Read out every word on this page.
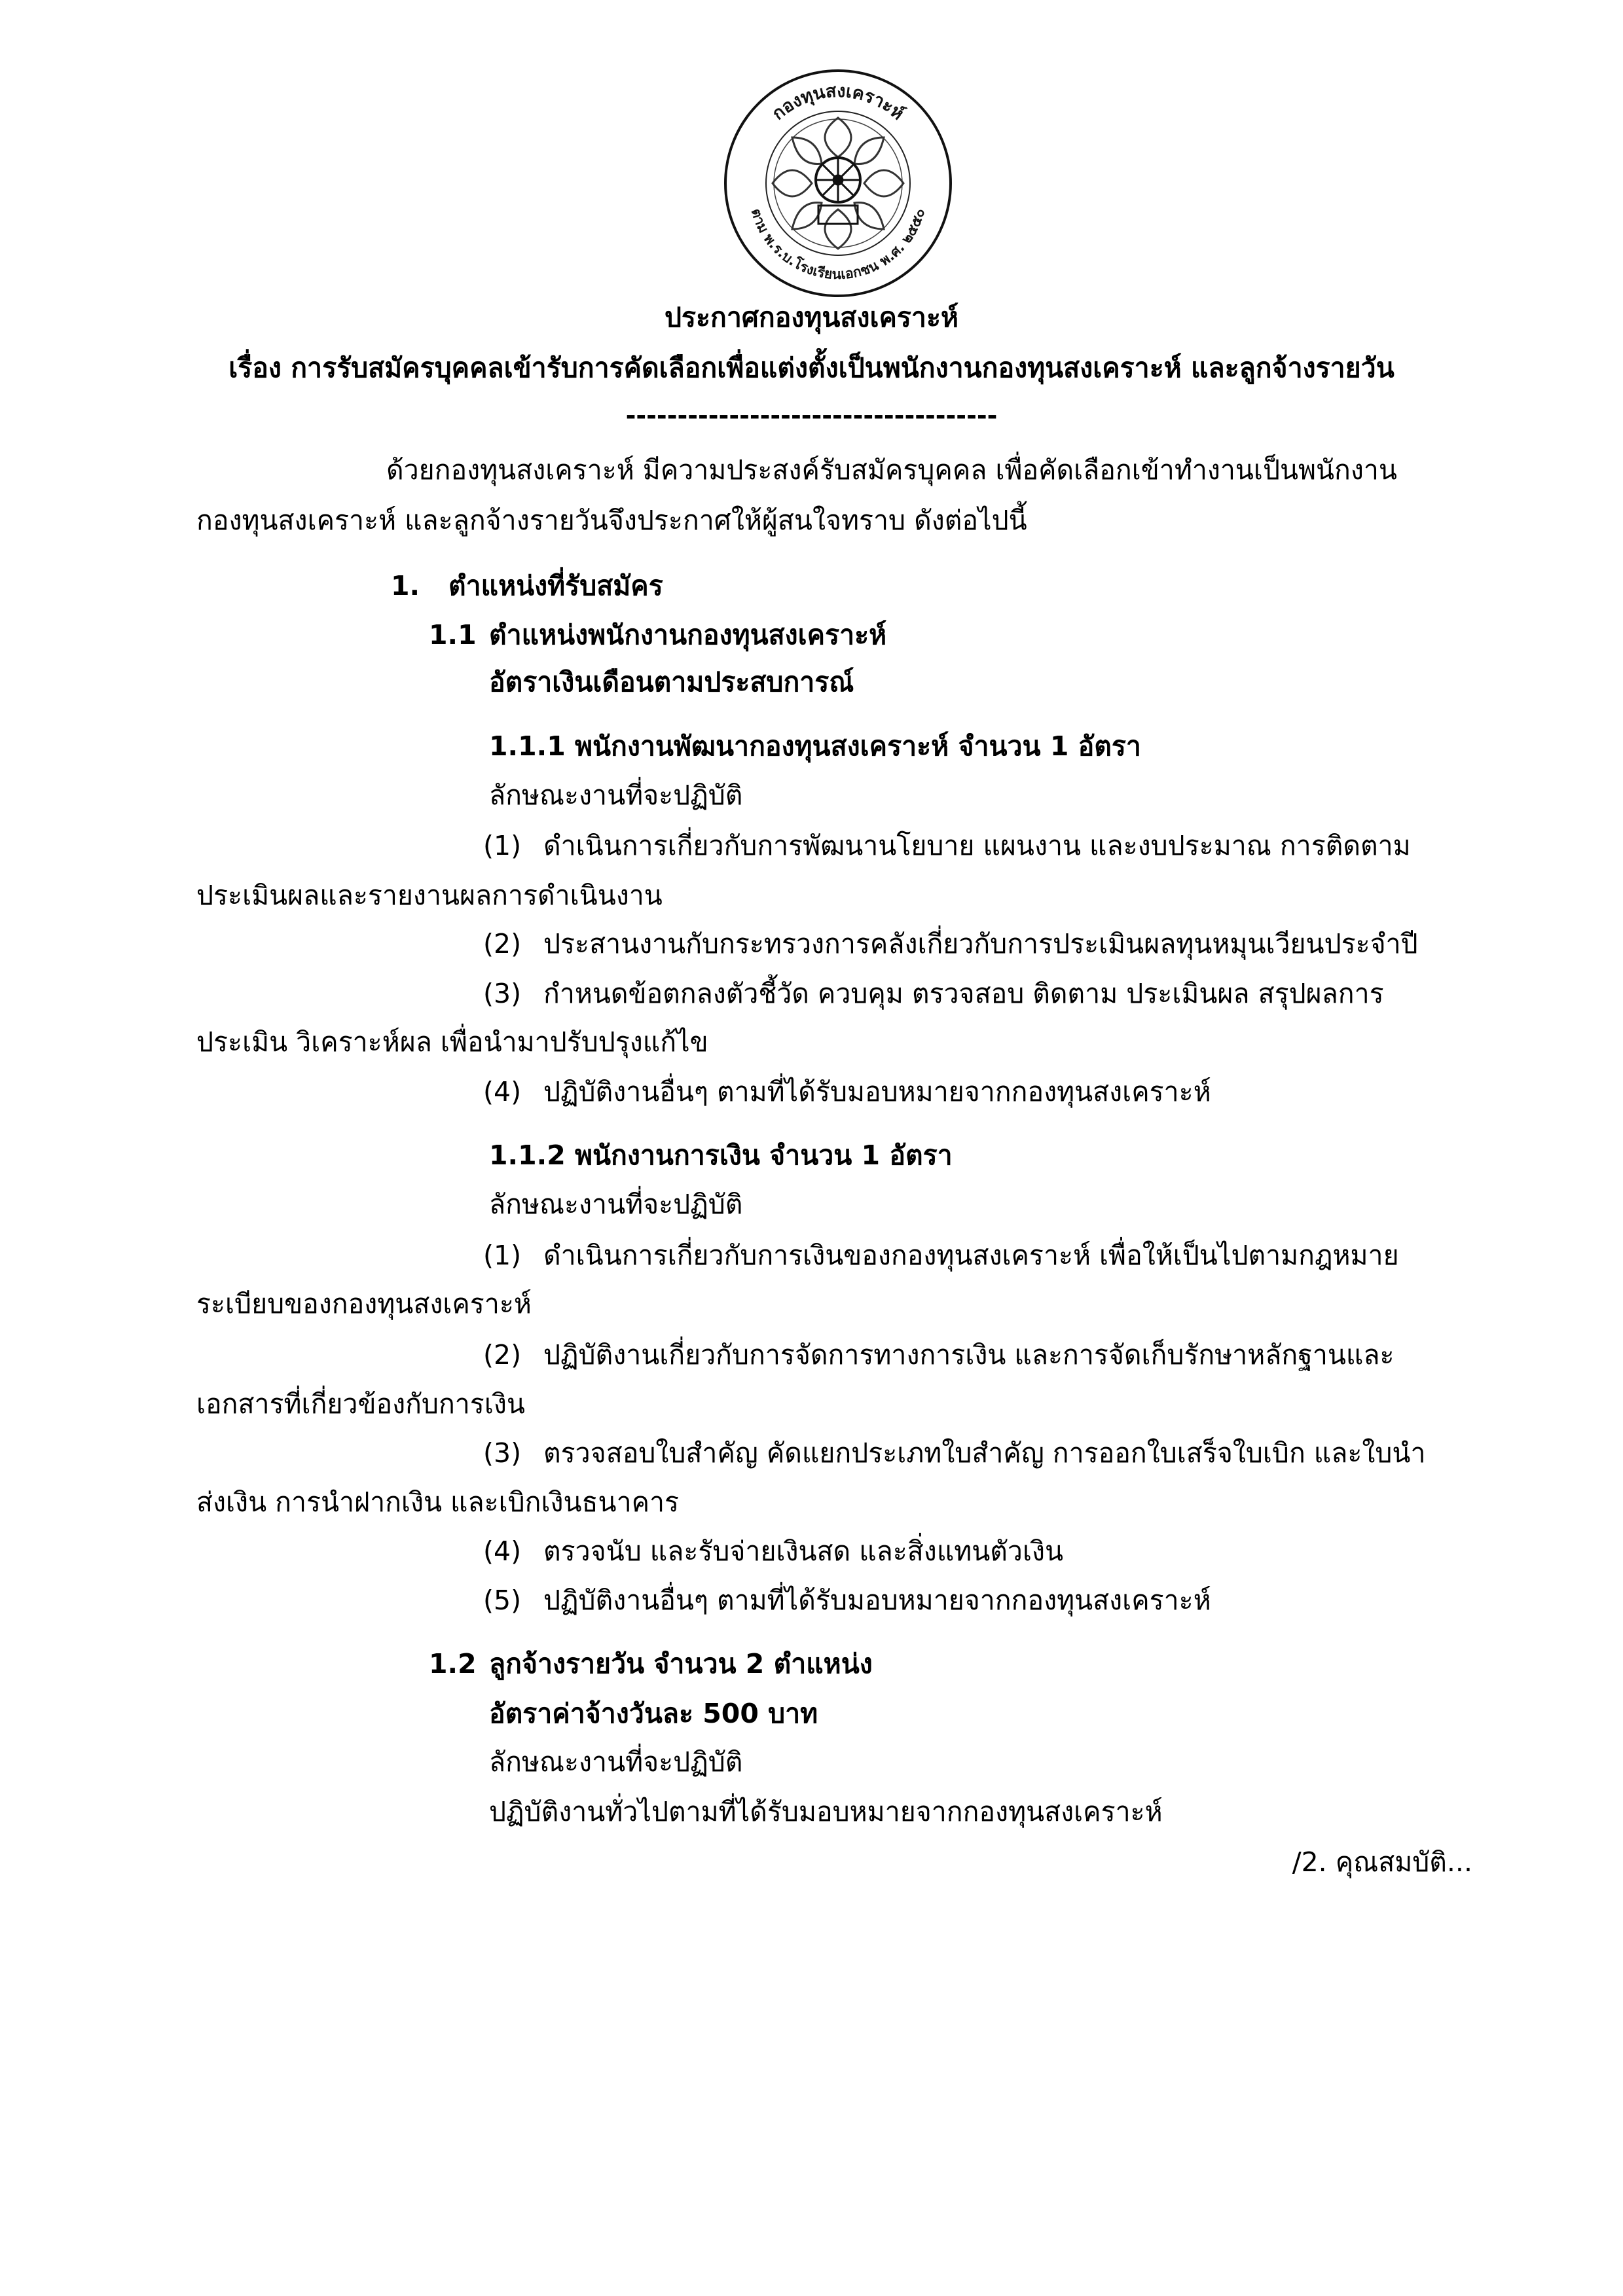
กองทุนสงเคราะห์
ตาม พ.ร.บ.โรงเรียนเอกชน พ.ศ. ๒๕๕๐
ประกาศกองทุนสงเคราะห์
เรื่อง การรับสมัครบุคคลเข้ารับการคัดเลือกเพื่อแต่งตั้งเป็นพนักงานกองทุนสงเคราะห์ และลูกจ้างรายวัน
------------------------------------
ด้วยกองทุนสงเคราะห์ มีความประสงค์รับสมัครบุคคล เพื่อคัดเลือกเข้าทำงานเป็นพนักงาน
กองทุนสงเคราะห์ และลูกจ้างรายวันจึงประกาศให้ผู้สนใจทราบ ดังต่อไปนี้
1. ตำแหน่งที่รับสมัคร
1.1 ตำแหน่งพนักงานกองทุนสงเคราะห์
อัตราเงินเดือนตามประสบการณ์
1.1.1 พนักงานพัฒนากองทุนสงเคราะห์ จำนวน 1 อัตรา
ลักษณะงานที่จะปฏิบัติ
(1) ดำเนินการเกี่ยวกับการพัฒนานโยบาย แผนงาน และงบประมาณ การติดตาม
ประเมินผลและรายงานผลการดำเนินงาน
(2) ประสานงานกับกระทรวงการคลังเกี่ยวกับการประเมินผลทุนหมุนเวียนประจำปี
(3) กำหนดข้อตกลงตัวชี้วัด ควบคุม ตรวจสอบ ติดตาม ประเมินผล สรุปผลการ
ประเมิน วิเคราะห์ผล เพื่อนำมาปรับปรุงแก้ไข
(4) ปฏิบัติงานอื่นๆ ตามที่ได้รับมอบหมายจากกองทุนสงเคราะห์
1.1.2 พนักงานการเงิน จำนวน 1 อัตรา
ลักษณะงานที่จะปฏิบัติ
(1) ดำเนินการเกี่ยวกับการเงินของกองทุนสงเคราะห์ เพื่อให้เป็นไปตามกฎหมาย
ระเบียบของกองทุนสงเคราะห์
(2) ปฏิบัติงานเกี่ยวกับการจัดการทางการเงิน และการจัดเก็บรักษาหลักฐานและ
เอกสารที่เกี่ยวข้องกับการเงิน
(3) ตรวจสอบใบสำคัญ คัดแยกประเภทใบสำคัญ การออกใบเสร็จใบเบิก และใบนำ
ส่งเงิน การนำฝากเงิน และเบิกเงินธนาคาร
(4) ตรวจนับ และรับจ่ายเงินสด และสิ่งแทนตัวเงิน
(5) ปฏิบัติงานอื่นๆ ตามที่ได้รับมอบหมายจากกองทุนสงเคราะห์
1.2 ลูกจ้างรายวัน จำนวน 2 ตำแหน่ง
อัตราค่าจ้างวันละ 500 บาท
ลักษณะงานที่จะปฏิบัติ
ปฏิบัติงานทั่วไปตามที่ได้รับมอบหมายจากกองทุนสงเคราะห์
/2. คุณสมบัติ...
